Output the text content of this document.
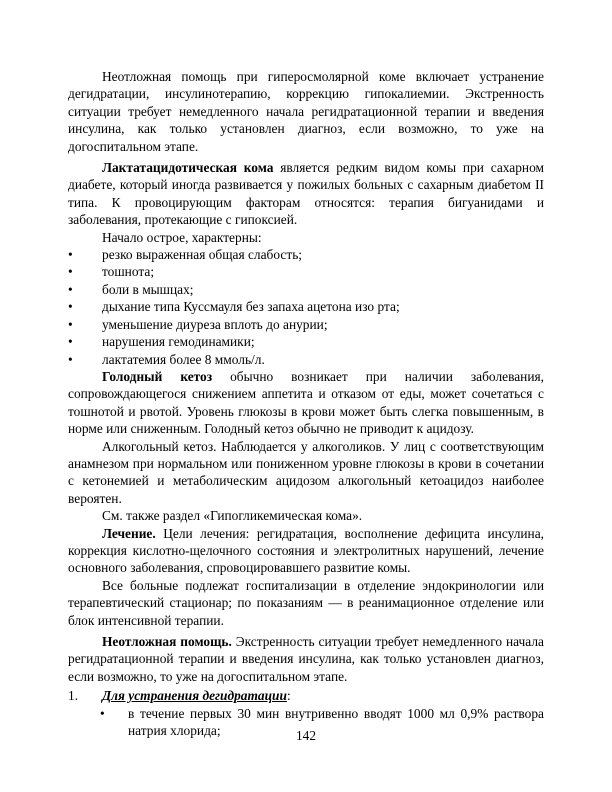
Неотложная помощь при гиперосмолярной коме включает устранение дегидратации, инсулинотерапию, коррекцию гипокалиемии. Экстренность ситуации требует немедленного начала регидратационной терапии и введения инсулина, как только установлен диагноз, если возможно, то уже на догоспитальном этапе.

Лактатацидотическая кома является редким видом комы при сахарном диабете, который иногда развивается у пожилых больных с сахарным диабетом II типа. К провоцирующим факторам относятся: терапия бигуанидами и заболевания, протекающие с гипоксией.

Начало острое, характерны:

• резко выраженная общая слабость;
• тошнота;
• боли в мышцах;
• дыхание типа Куссмауля без запаха ацетона изо рта;
• уменьшение диуреза вплоть до анурии;
• нарушения гемодинамики;
• лактатемия более 8 ммоль/л.

Голодный кетоз обычно возникает при наличии заболевания, сопровождающегося снижением аппетита и отказом от еды, может сочетаться с тошнотой и рвотой. Уровень глюкозы в крови может быть слегка повышенным, в норме или сниженным. Голодный кетоз обычно не приводит к ацидозу.

Алкогольный кетоз. Наблюдается у алкоголиков. У лиц с соответствующим анамнезом при нормальном или пониженном уровне глюкозы в крови в сочетании с кетонемией и метаболическим ацидозом алкогольный кетоацидоз наиболее вероятен.

См. также раздел «Гипогликемическая кома».

Лечение. Цели лечения: регидратация, восполнение дефицита инсулина, коррекция кислотно-щелочного состояния и электролитных нарушений, лечение основного заболевания, спровоцировавшего развитие комы.

Все больные подлежат госпитализации в отделение эндокринологии или терапевтический стационар; по показаниям — в реанимационное отделение или блок интенсивной терапии.

Неотложная помощь. Экстренность ситуации требует немедленного начала регидратационной терапии и введения инсулина, как только установлен диагноз, если возможно, то уже на догоспитальном этапе.

1. Для устранения дегидратации:
• в течение первых 30 мин внутривенно вводят 1000 мл 0,9% раствора натрия хлорида;	142
